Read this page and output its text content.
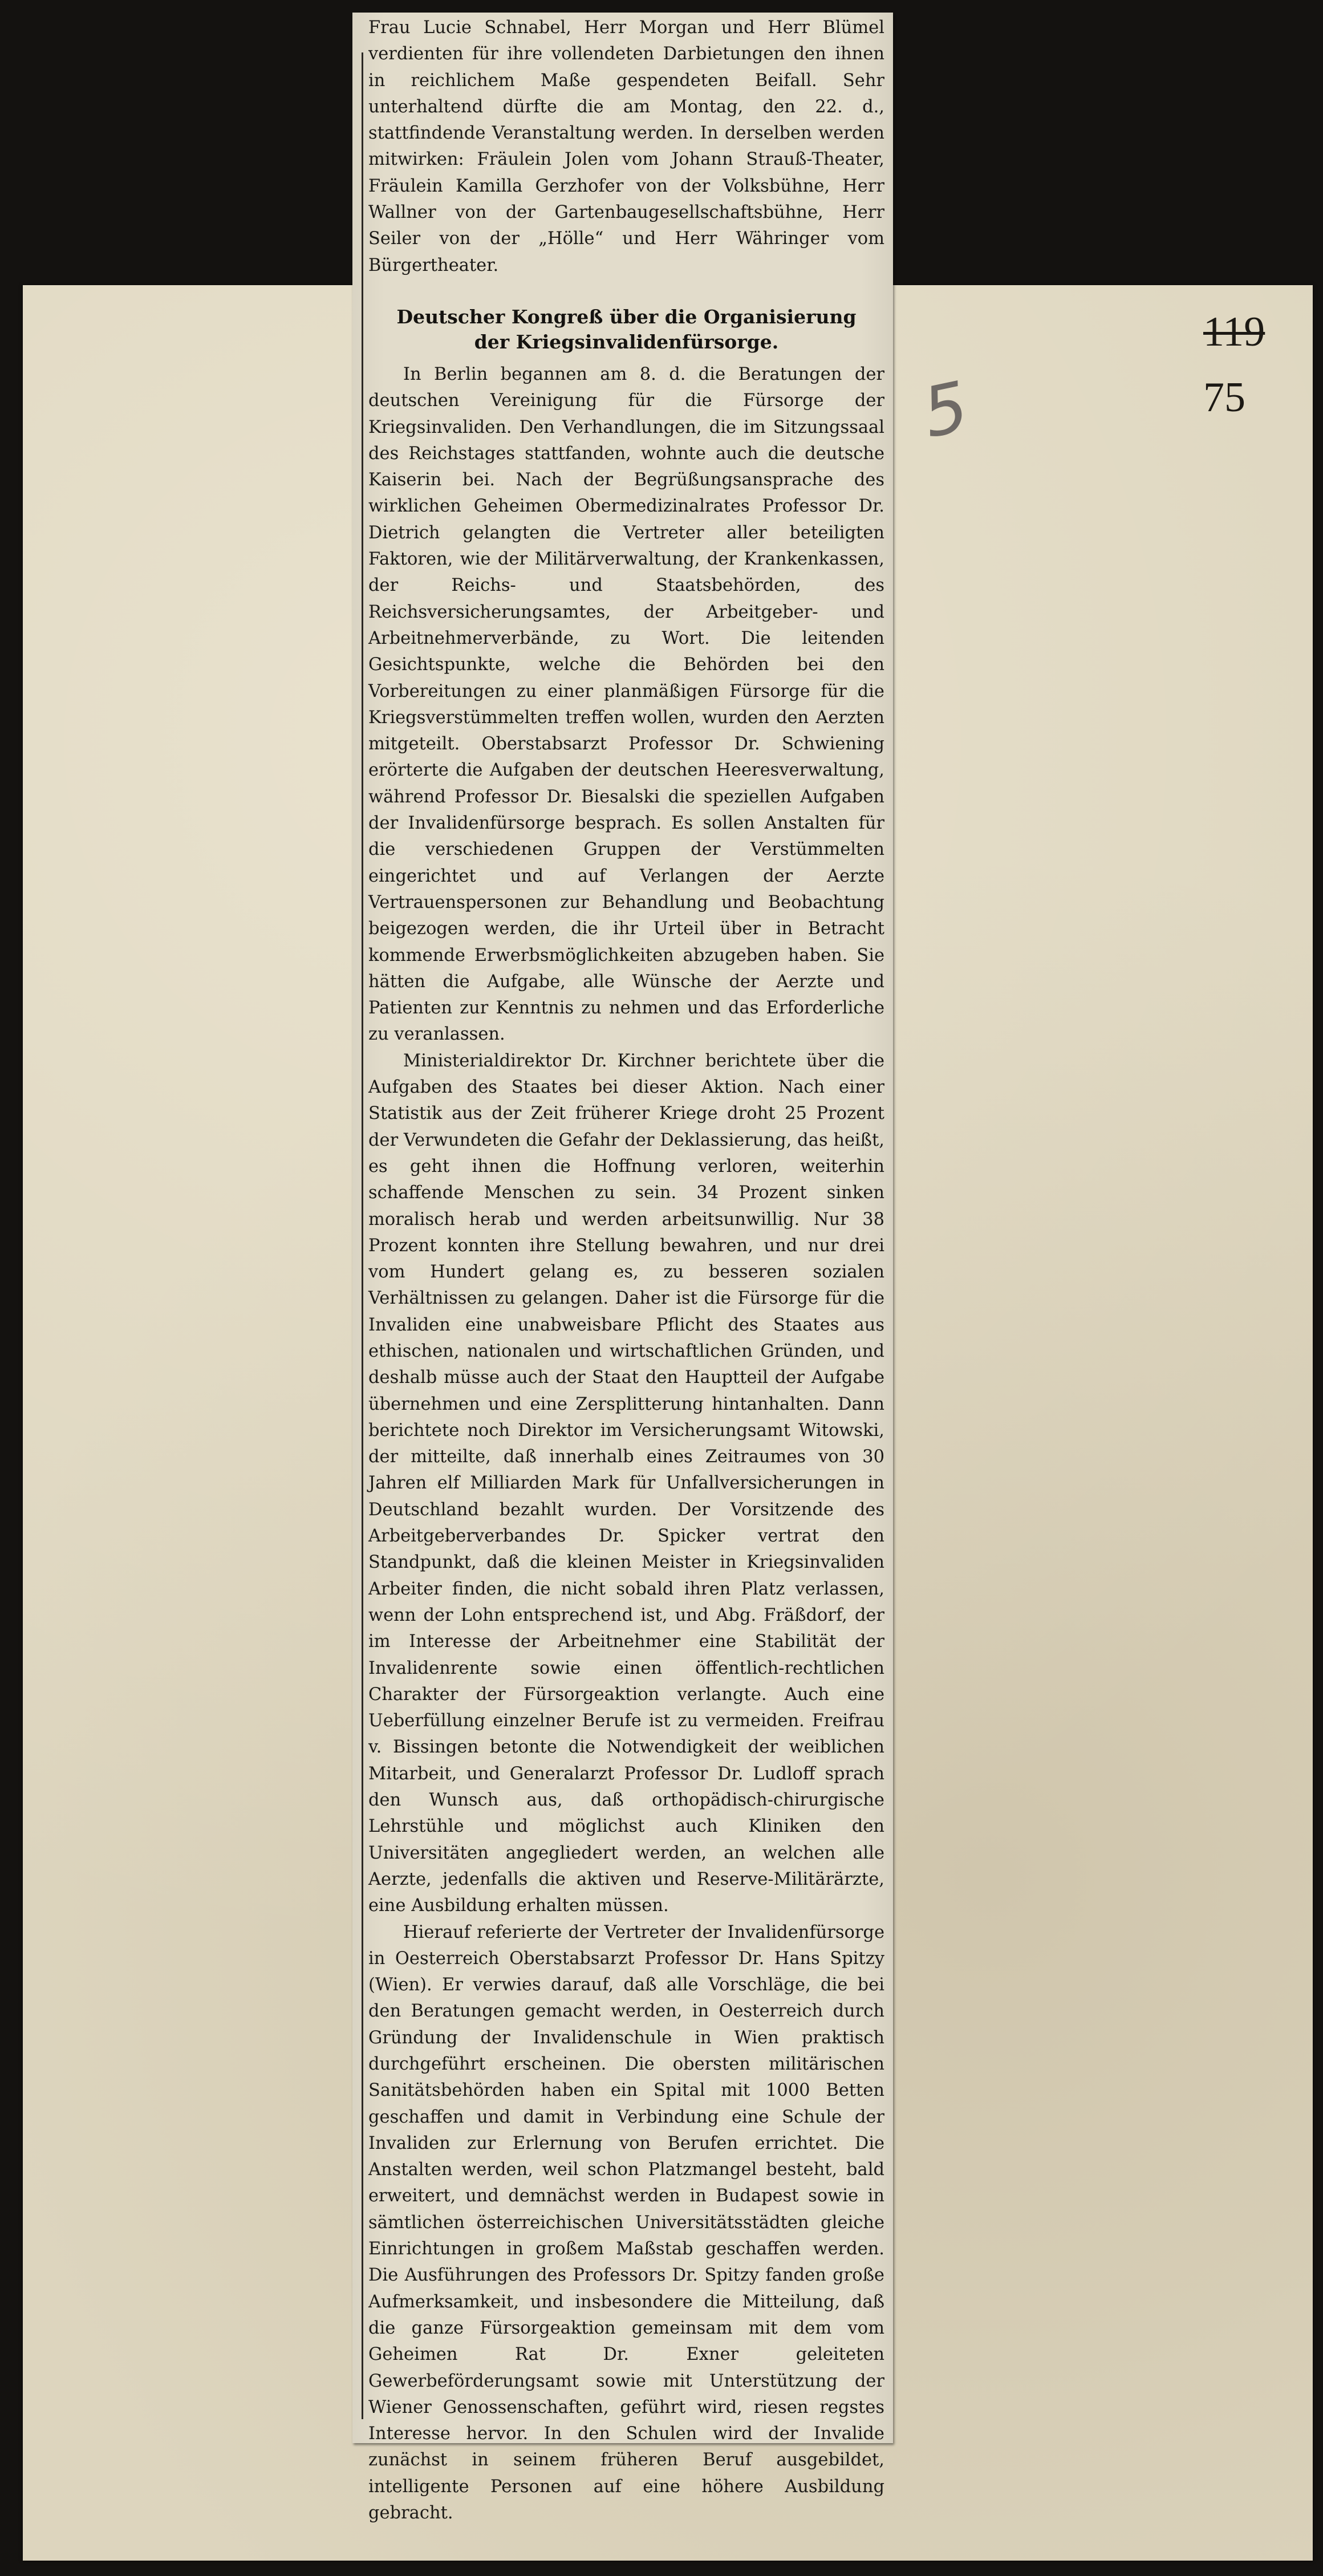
119
75
5

Frau Lucie Schnabel, Herr Morgan und Herr Blümel verdienten für ihre vollendeten Darbietungen den ihnen in reichlichem Maße gespendeten Beifall. Sehr unterhaltend dürfte die am Montag, den 22. d., stattfindende Veranstaltung werden. In derselben werden mitwirken: Fräulein Jolen vom Johann Strauß-Theater, Fräulein Kamilla Gerzhofer von der Volksbühne, Herr Wallner von der Gartenbaugesellschaftsbühne, Herr Seiler von der „Hölle“ und Herr Währinger vom Bürgertheater.

Deutscher Kongreß über die Organisierung
der Kriegsinvalidenfürsorge.

In Berlin begannen am 8. d. die Beratungen der deutschen Vereinigung für die Fürsorge der Kriegsinvaliden. Den Verhandlungen, die im Sitzungssaal des Reichstages stattfanden, wohnte auch die deutsche Kaiserin bei. Nach der Begrüßungsansprache des wirklichen Geheimen Obermedizinalrates Professor Dr. Dietrich gelangten die Vertreter aller beteiligten Faktoren, wie der Militärverwaltung, der Krankenkassen, der Reichs- und Staatsbehörden, des Reichsversicherungsamtes, der Arbeitgeber- und Arbeitnehmerverbände, zu Wort. Die leitenden Gesichtspunkte, welche die Behörden bei den Vorbereitungen zu einer planmäßigen Fürsorge für die Kriegsverstümmelten treffen wollen, wurden den Aerzten mitgeteilt. Oberstabsarzt Professor Dr. Schwiening erörterte die Aufgaben der deutschen Heeresverwaltung, während Professor Dr. Biesalski die speziellen Aufgaben der Invalidenfürsorge besprach. Es sollen Anstalten für die verschiedenen Gruppen der Verstümmelten eingerichtet und auf Verlangen der Aerzte Vertrauenspersonen zur Behandlung und Beobachtung beigezogen werden, die ihr Urteil über in Betracht kommende Erwerbsmöglichkeiten abzugeben haben. Sie hätten die Aufgabe, alle Wünsche der Aerzte und Patienten zur Kenntnis zu nehmen und das Erforderliche zu veranlassen.

Ministerialdirektor Dr. Kirchner berichtete über die Aufgaben des Staates bei dieser Aktion. Nach einer Statistik aus der Zeit früherer Kriege droht 25 Prozent der Verwundeten die Gefahr der Deklassierung, das heißt, es geht ihnen die Hoffnung verloren, weiterhin schaffende Menschen zu sein. 34 Prozent sinken moralisch herab und werden arbeitsunwillig. Nur 38 Prozent konnten ihre Stellung bewahren, und nur drei vom Hundert gelang es, zu besseren sozialen Verhältnissen zu gelangen. Daher ist die Fürsorge für die Invaliden eine unabweisbare Pflicht des Staates aus ethischen, nationalen und wirtschaftlichen Gründen, und deshalb müsse auch der Staat den Hauptteil der Aufgabe übernehmen und eine Zersplitterung hintanhalten. Dann berichtete noch Direktor im Versicherungsamt Witowski, der mitteilte, daß innerhalb eines Zeitraumes von 30 Jahren elf Milliarden Mark für Unfallversicherungen in Deutschland bezahlt wurden. Der Vorsitzende des Arbeitgeberverbandes Dr. Spicker vertrat den Standpunkt, daß die kleinen Meister in Kriegsinvaliden Arbeiter finden, die nicht sobald ihren Platz verlassen, wenn der Lohn entsprechend ist, und Abg. Fräßdorf, der im Interesse der Arbeitnehmer eine Stabilität der Invalidenrente sowie einen öffentlich-rechtlichen Charakter der Fürsorgeaktion verlangte. Auch eine Ueberfüllung einzelner Berufe ist zu vermeiden. Freifrau v. Bissingen betonte die Notwendigkeit der weiblichen Mitarbeit, und Generalarzt Professor Dr. Ludloff sprach den Wunsch aus, daß orthopädisch-chirurgische Lehrstühle und möglichst auch Kliniken den Universitäten angegliedert werden, an welchen alle Aerzte, jedenfalls die aktiven und Reserve-Militärärzte, eine Ausbildung erhalten müssen.

Hierauf referierte der Vertreter der Invalidenfürsorge in Oesterreich Oberstabsarzt Professor Dr. Hans Spitzy (Wien). Er verwies darauf, daß alle Vorschläge, die bei den Beratungen gemacht werden, in Oesterreich durch Gründung der Invalidenschule in Wien praktisch durchgeführt erscheinen. Die obersten militärischen Sanitätsbehörden haben ein Spital mit 1000 Betten geschaffen und damit in Verbindung eine Schule der Invaliden zur Erlernung von Berufen errichtet. Die Anstalten werden, weil schon Platzmangel besteht, bald erweitert, und demnächst werden in Budapest sowie in sämtlichen österreichischen Universitätsstädten gleiche Einrichtungen in großem Maßstab geschaffen werden. Die Ausführungen des Professors Dr. Spitzy fanden große Aufmerksamkeit, und insbesondere die Mitteilung, daß die ganze Fürsorgeaktion gemeinsam mit dem vom Geheimen Rat Dr. Exner geleiteten Gewerbeförderungsamt sowie mit Unterstützung der Wiener Genossenschaften, geführt wird, riesen regstes Interesse hervor. In den Schulen wird der Invalide zunächst in seinem früheren Beruf ausgebildet, intelligente Personen auf eine höhere Ausbildung gebracht.
